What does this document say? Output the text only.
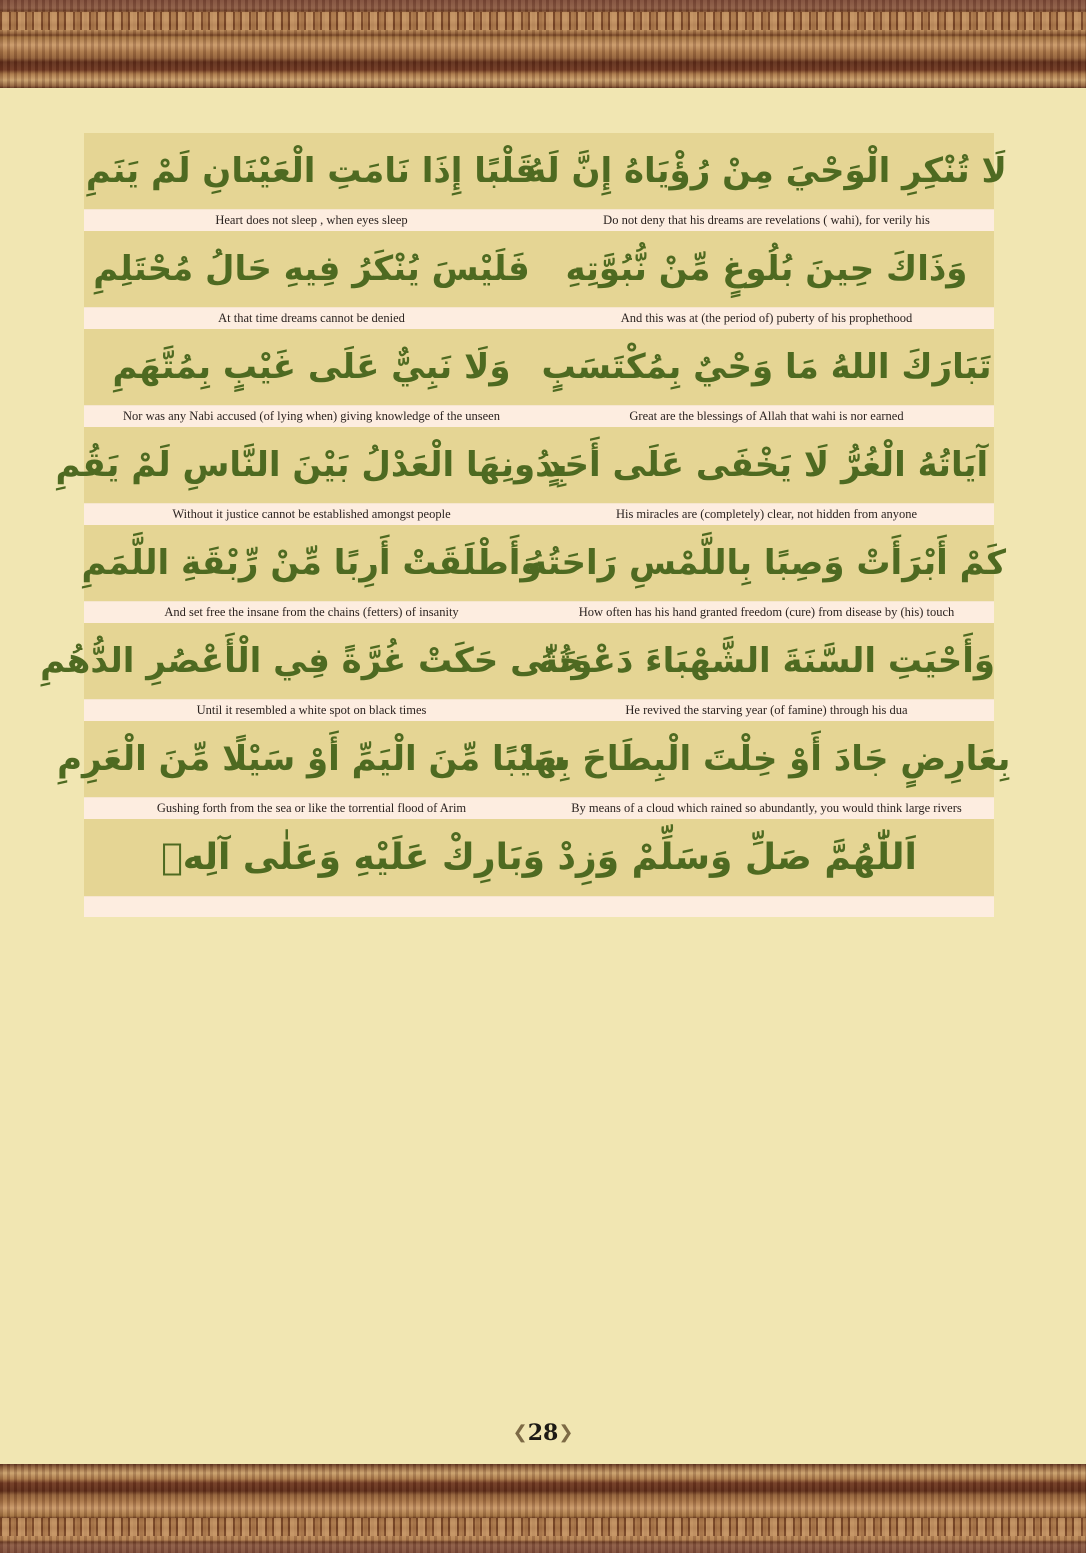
لَا تُنْكِرِ الْوَحْيَ مِنْ رُؤْيَاهُ إِنَّ لَهُ
قَلْبًا إِذَا نَامَتِ الْعَيْنَانِ لَمْ يَنَمِ
Do not deny that his dreams are revelations ( wahi), for verily his
Heart does not sleep , when eyes sleep
وَذَاكَ حِينَ بُلُوغٍ مِّنْ نُّبُوَّتِهِ
فَلَيْسَ يُنْكَرُ فِيهِ حَالُ مُحْتَلِمِ
And this was at (the period of) puberty of his prophethood
At that time dreams cannot be denied
تَبَارَكَ اللهُ مَا وَحْيٌ بِمُكْتَسَبٍ
وَلَا نَبِيٌّ عَلَى غَيْبٍ بِمُتَّهَمِ
Great are the blessings of Allah that wahi is nor earned
Nor was any Nabi accused (of lying when) giving knowledge of the unseen
آيَاتُهُ الْغُرُّ لَا يَخْفَى عَلَى أَحَدٍ
بِدُونِهَا الْعَدْلُ بَيْنَ النَّاسِ لَمْ يَقُمِ
His miracles are (completely) clear, not hidden from anyone
Without it justice cannot be established amongst people
كَمْ أَبْرَأَتْ وَصِبًا بِاللَّمْسِ رَاحَتُهُ
وَأَطْلَقَتْ أَرِبًا مِّنْ رِّبْقَةِ اللَّمَمِ
How often has his hand granted freedom (cure) from disease by (his) touch
And set free the insane from the chains (fetters) of insanity
وَأَحْيَتِ السَّنَةَ الشَّهْبَاءَ دَعْوَتُهُ
حَتّٰى حَكَتْ غُرَّةً فِي الْأَعْصُرِ الدُّهُمِ
He revived the starving year (of famine) through his dua
Until it resembled a white spot on black times
بِعَارِضٍ جَادَ أَوْ خِلْتَ الْبِطَاحَ بِهَا
سَيْبًا مِّنَ الْيَمِّ أَوْ سَيْلًا مِّنَ الْعَرِمِ
By means of a cloud which rained so abundantly, you would think large rivers
Gushing forth from the sea or like the torrential flood of Arim
اَللّٰهُمَّ صَلِّ وَسَلِّمْ وَزِدْ وَبَارِكْ عَلَيْهِ وَعَلٰى آلِهٖ
❮28❯
